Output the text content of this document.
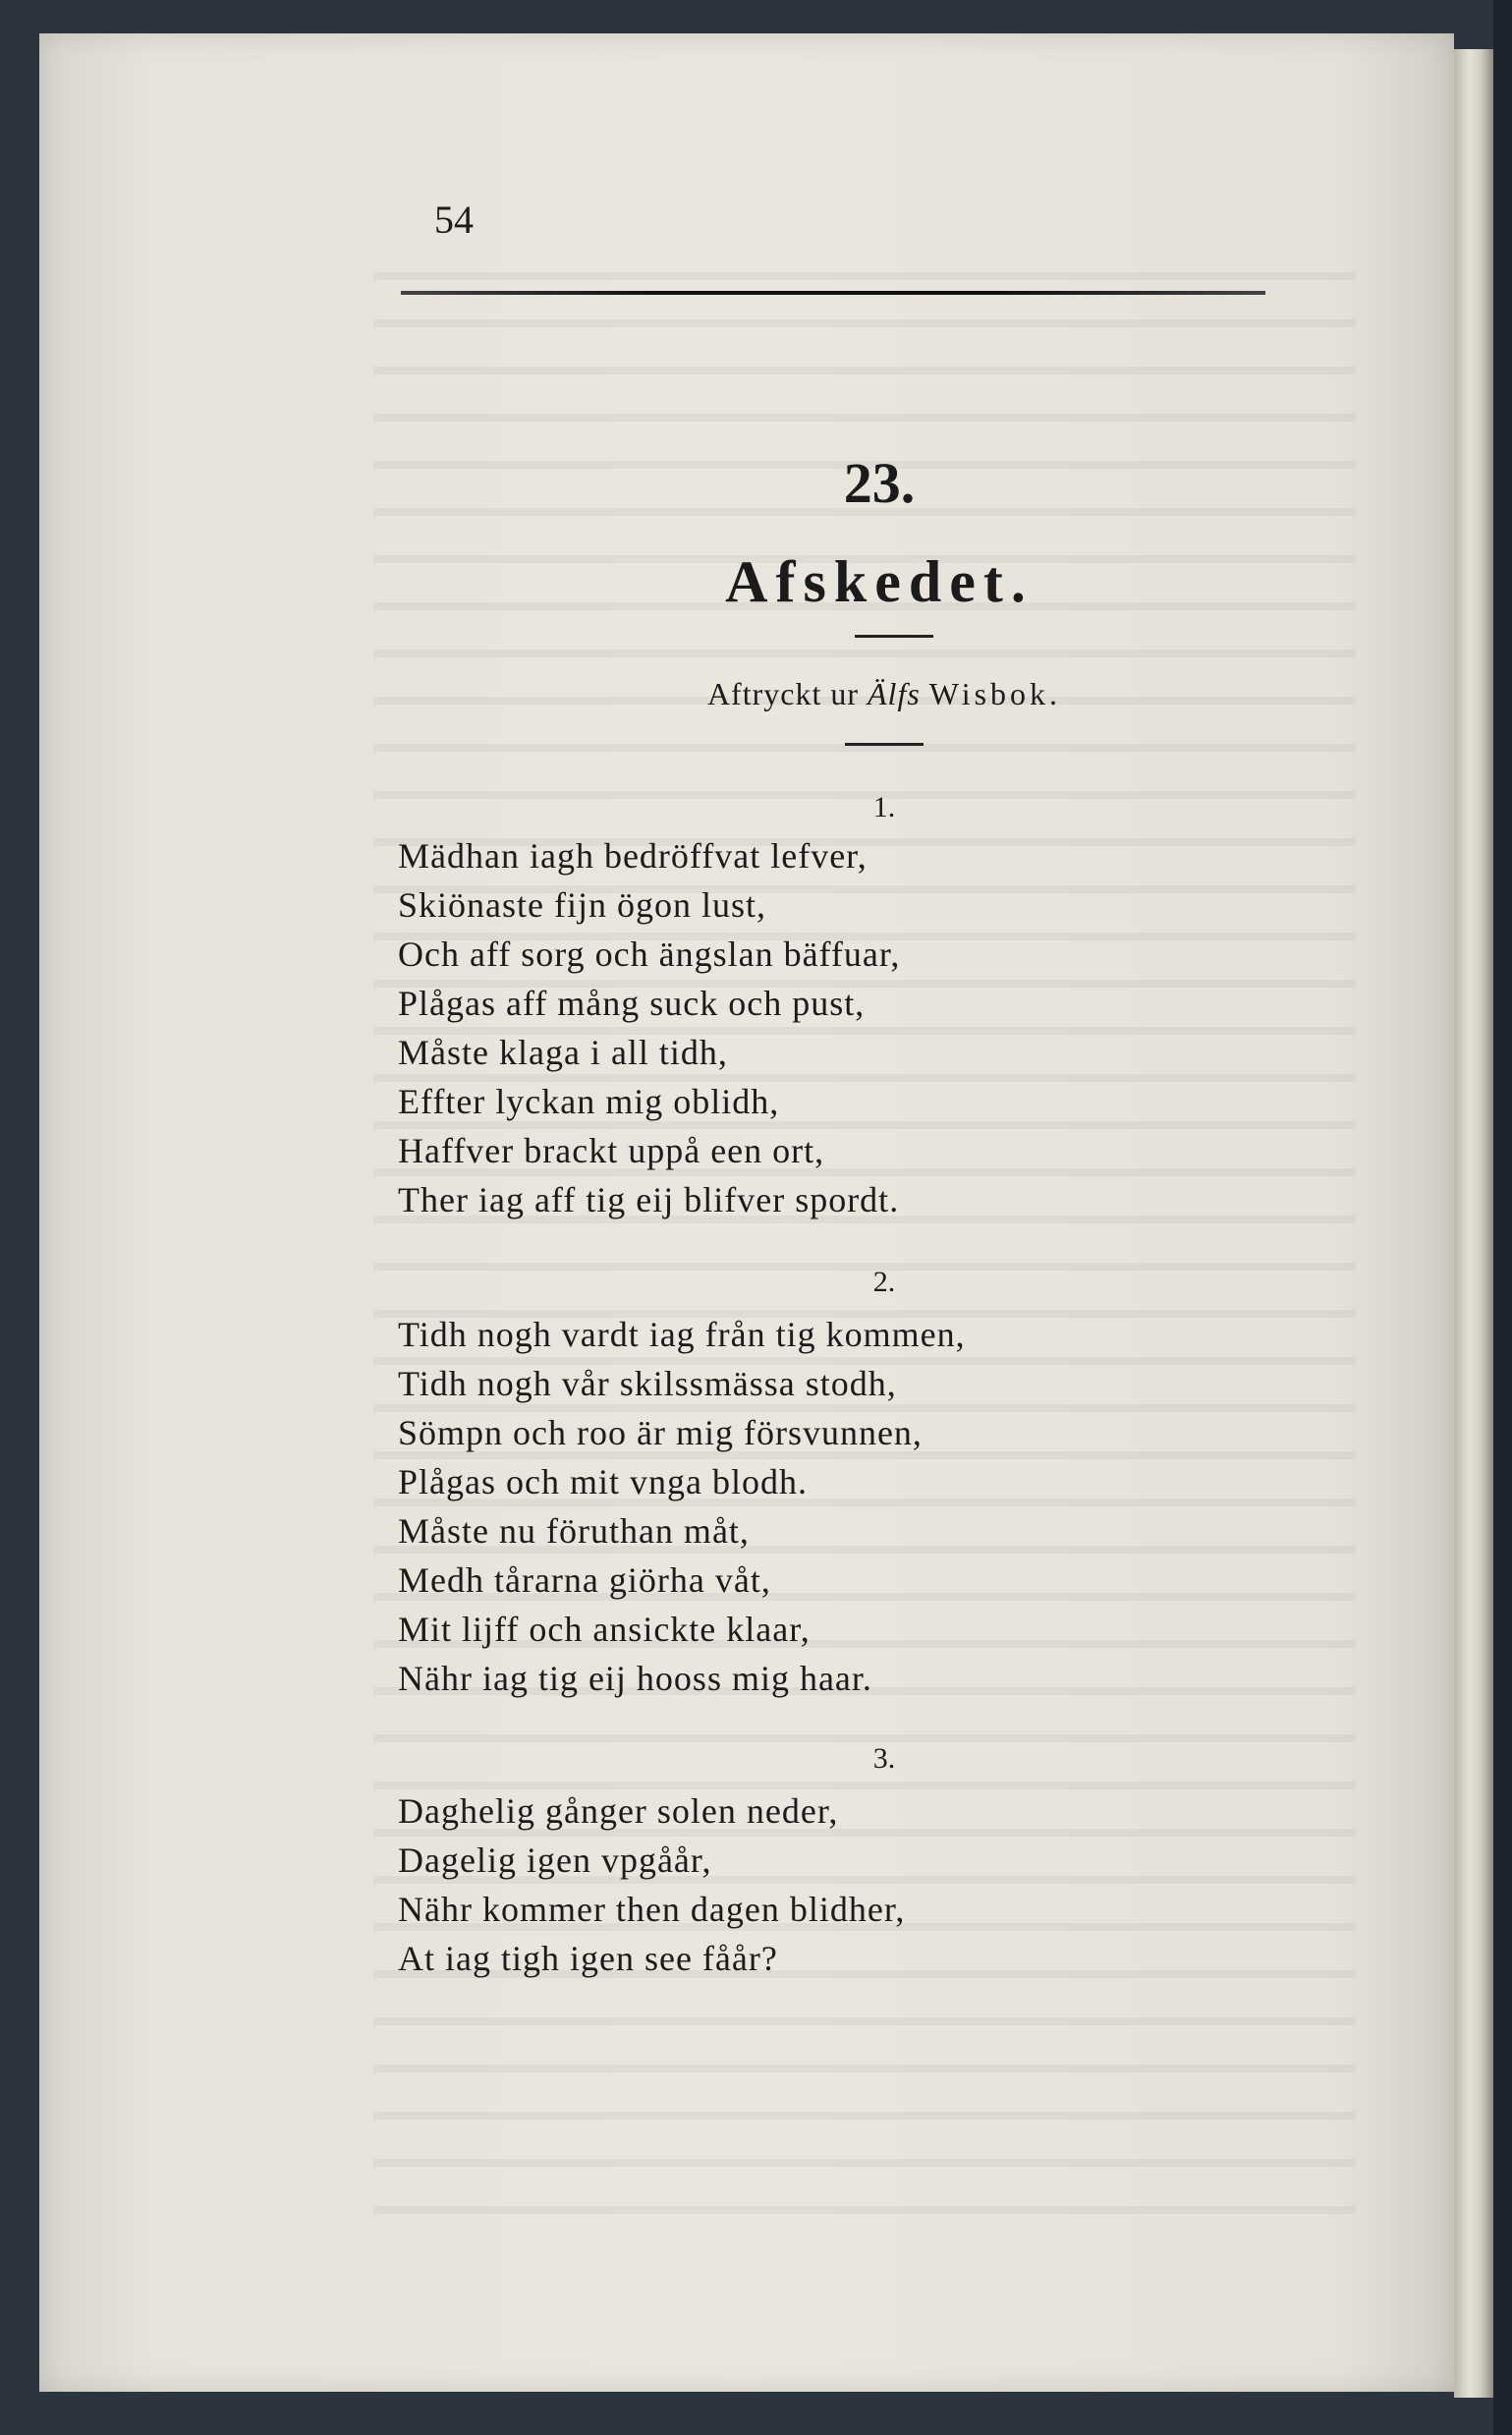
54
23.
Afskedet.
Aftryckt ur Älfs Wisbok.
1.
Mädhan iagh bedröffvat lefver,
Skiönaste fijn ögon lust,
Och aff sorg och ängslan bäffuar,
Plågas aff mång suck och pust,
Måste klaga i all tidh,
Effter lyckan mig oblidh,
Haffver brackt uppå een ort,
Ther iag aff tig eij blifver spordt.
2.
Tidh nogh vardt iag från tig kommen,
Tidh nogh vår skilssmässa stodh,
Sömpn och roo är mig försvunnen,
Plågas och mit vnga blodh.
Måste nu föruthan måt,
Medh tårarna giörha våt,
Mit lijff och ansickte klaar,
Nähr iag tig eij hooss mig haar.
3.
Daghelig gånger solen neder,
Dagelig igen vpgåår,
Nähr kommer then dagen blidher,
At iag tigh igen see fåår?
